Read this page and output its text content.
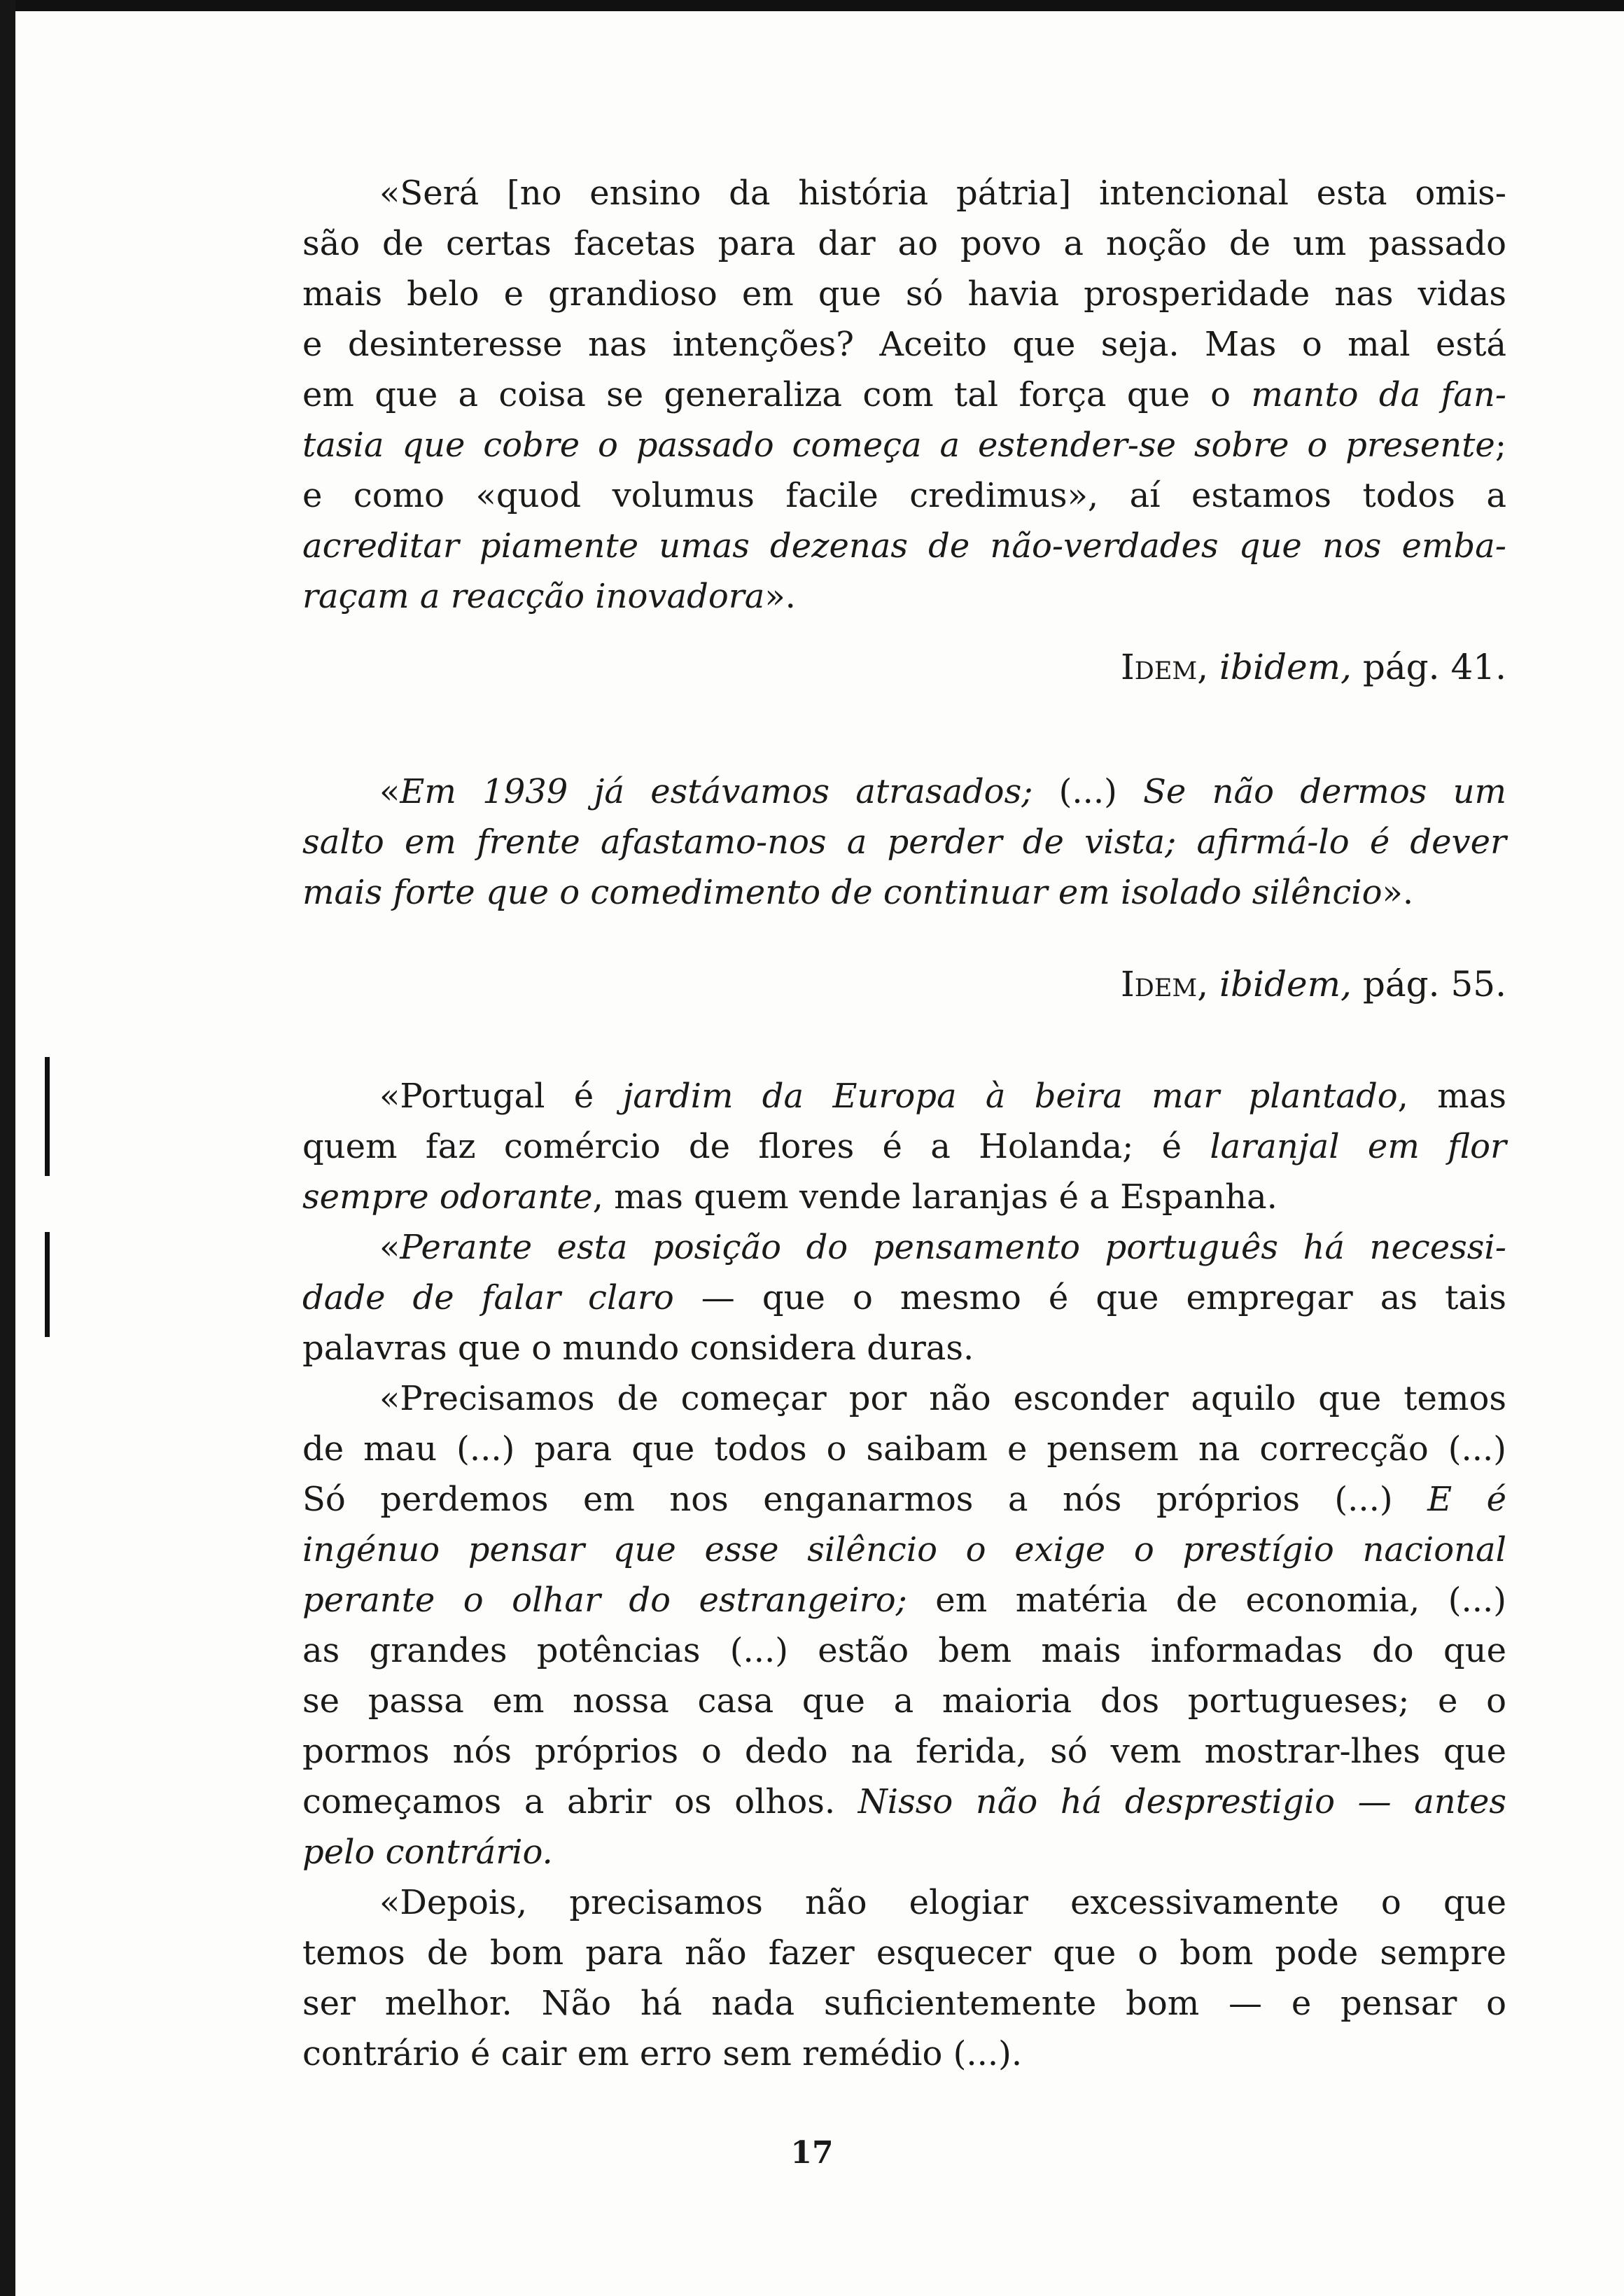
«Será [no ensino da história pátria] intencional esta omis-
são de certas facetas para dar ao povo a noção de um passado
mais belo e grandioso em que só havia prosperidade nas vidas
e desinteresse nas intenções? Aceito que seja. Mas o mal está
em que a coisa se generaliza com tal força que o manto da fan-
tasia que cobre o passado começa a estender-se sobre o presente;
e como «quod volumus facile credimus», aí estamos todos a
acreditar piamente umas dezenas de não-verdades que nos emba-
raçam a reacção inovadora».
Idem, ibidem, pág. 41.
«Em 1939 já estávamos atrasados; (...) Se não dermos um
salto em frente afastamo-nos a perder de vista; afirmá-lo é dever
mais forte que o comedimento de continuar em isolado silêncio».
Idem, ibidem, pág. 55.
«Portugal é jardim da Europa à beira mar plantado, mas
quem faz comércio de flores é a Holanda; é laranjal em flor
sempre odorante, mas quem vende laranjas é a Espanha.
«Perante esta posição do pensamento português há necessi-
dade de falar claro — que o mesmo é que empregar as tais
palavras que o mundo considera duras.
«Precisamos de começar por não esconder aquilo que temos
de mau (...) para que todos o saibam e pensem na correcção (...)
Só perdemos em nos enganarmos a nós próprios (...) E é
ingénuo pensar que esse silêncio o exige o prestígio nacional
perante o olhar do estrangeiro; em matéria de economia, (...)
as grandes potências (...) estão bem mais informadas do que
se passa em nossa casa que a maioria dos portugueses; e o
pormos nós próprios o dedo na ferida, só vem mostrar-lhes que
começamos a abrir os olhos. Nisso não há desprestigio — antes
pelo contrário.
«Depois, precisamos não elogiar excessivamente o que
temos de bom para não fazer esquecer que o bom pode sempre
ser melhor. Não há nada suficientemente bom — e pensar o
contrário é cair em erro sem remédio (...).
17
